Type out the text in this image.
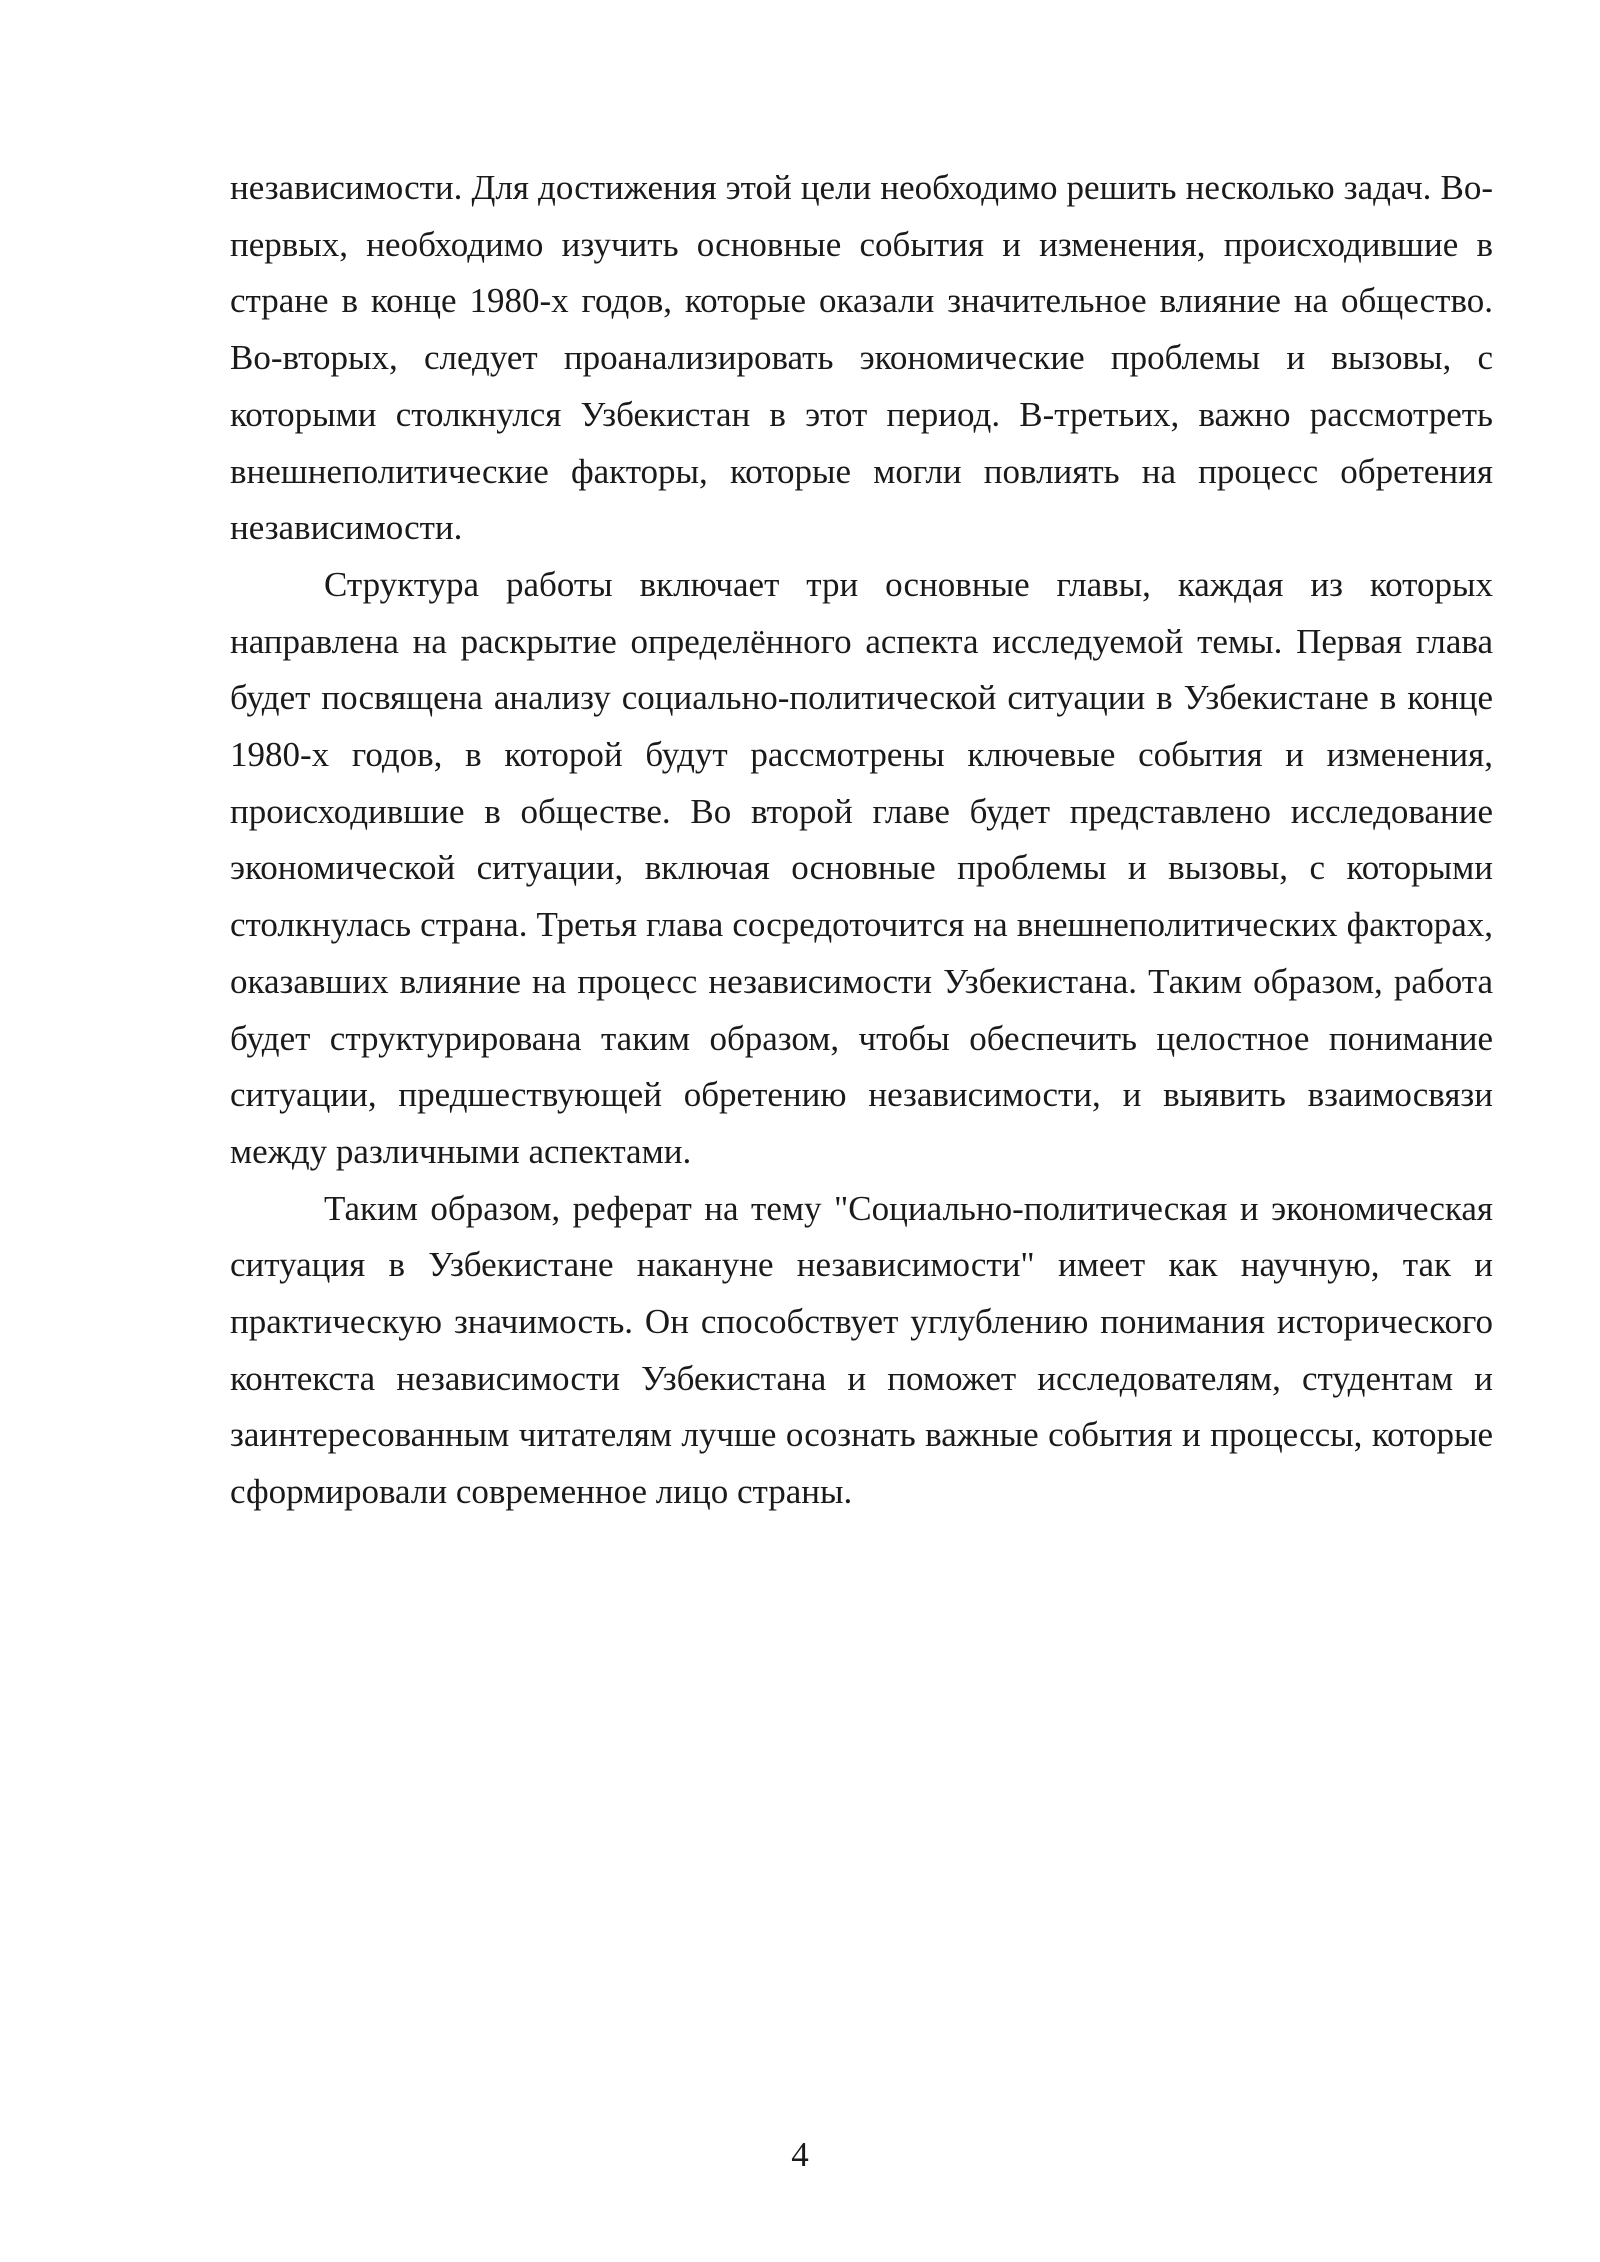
независимости. Для достижения этой цели необходимо решить несколько задач. Во-первых, необходимо изучить основные события и изменения, происходившие в стране в конце 1980-х годов, которые оказали значительное влияние на общество. Во-вторых, следует проанализировать экономические проблемы и вызовы, с которыми столкнулся Узбекистан в этот период. В-третьих, важно рассмотреть внешнеполитические факторы, которые могли повлиять на процесс обретения независимости.

Структура работы включает три основные главы, каждая из которых направлена на раскрытие определённого аспекта исследуемой темы. Первая глава будет посвящена анализу социально-политической ситуации в Узбекистане в конце 1980-х годов, в которой будут рассмотрены ключевые события и изменения, происходившие в обществе. Во второй главе будет представлено исследование экономической ситуации, включая основные проблемы и вызовы, с которыми столкнулась страна. Третья глава сосредоточится на внешнеполитических факторах, оказавших влияние на процесс независимости Узбекистана. Таким образом, работа будет структурирована таким образом, чтобы обеспечить целостное понимание ситуации, предшествующей обретению независимости, и выявить взаимосвязи между различными аспектами.

Таким образом, реферат на тему "Социально-политическая и экономическая ситуация в Узбекистане накануне независимости" имеет как научную, так и практическую значимость. Он способствует углублению понимания исторического контекста независимости Узбекистана и поможет исследователям, студентам и заинтересованным читателям лучше осознать важные события и процессы, которые сформировали современное лицо страны.

4
